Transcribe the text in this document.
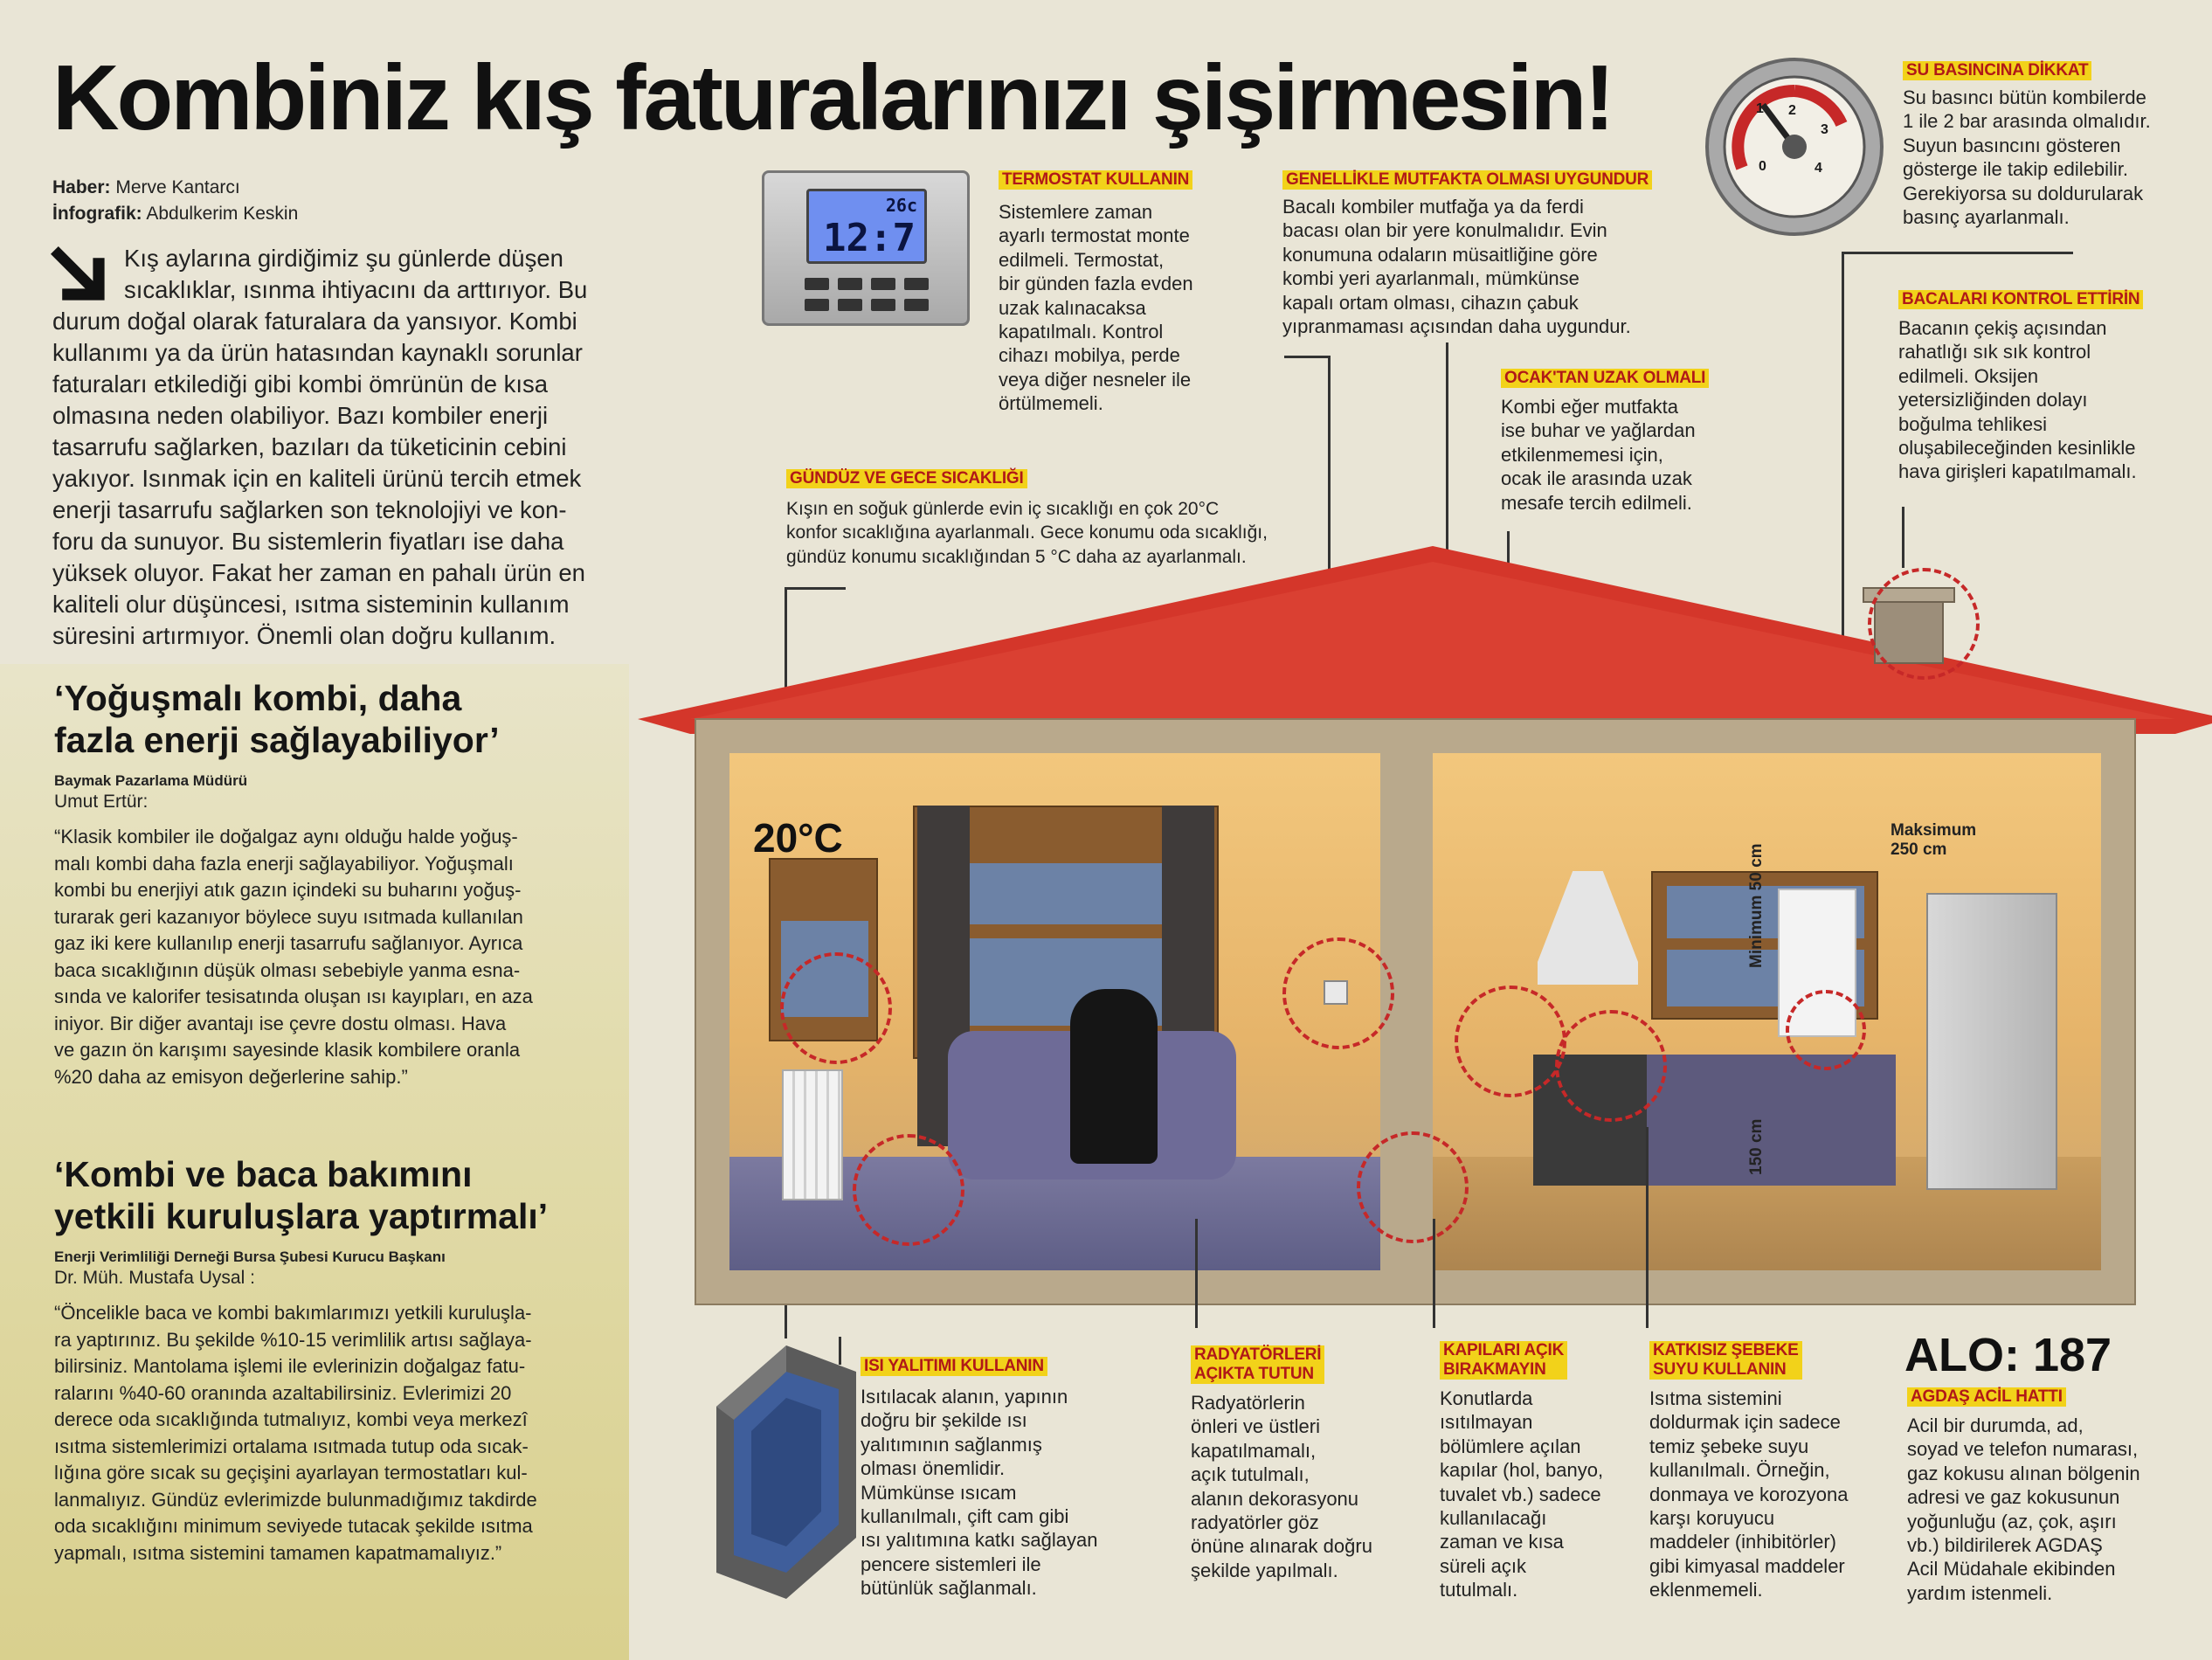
Kombiniz kış faturalarınızı şişirmesin!
Haber: Merve Kantarcı
İnfografik: Abdulkerim Keskin
Kış aylarına girdiğimiz şu günlerde düşen
sıcaklıklar, ısınma ihtiyacını da arttırıyor. Bu
durum doğal olarak faturalara da yansıyor. Kombi
kullanımı ya da ürün hatasından kaynaklı sorunlar
faturaları etkilediği gibi kombi ömrünün de kısa
olmasına neden olabiliyor. Bazı kombiler enerji
tasarrufu sağlarken, bazıları da tüketicinin cebini
yakıyor. Isınmak için en kaliteli ürünü tercih etmek
enerji tasarrufu sağlarken son teknolojiyi ve kon-
foru da sunuyor. Bu sistemlerin fiyatları ise daha
yüksek oluyor. Fakat her zaman en pahalı ürün en
kaliteli olur düşüncesi, ısıtma sisteminin kullanım
süresini artırmıyor. Önemli olan doğru kullanım.
‘Yoğuşmalı kombi, daha
fazla enerji sağlayabiliyor’
Baymak Pazarlama Müdürü
Umut Ertür:
“Klasik kombiler ile doğalgaz aynı olduğu halde yoğuş-
malı kombi daha fazla enerji sağlayabiliyor. Yoğuşmalı
kombi bu enerjiyi atık gazın içindeki su buharını yoğuş-
turarak geri kazanıyor böylece suyu ısıtmada kullanılan
gaz iki kere kullanılıp enerji tasarrufu sağlanıyor. Ayrıca
baca sıcaklığının düşük olması sebebiyle yanma esna-
sında ve kalorifer tesisatında oluşan ısı kayıpları, en aza
iniyor. Bir diğer avantajı ise çevre dostu olması. Hava
ve gazın ön karışımı sayesinde klasik kombilere oranla
%20 daha az emisyon değerlerine sahip.”
‘Kombi ve baca bakımını
yetkili kuruluşlara yaptırmalı’
Enerji Verimliliği Derneği Bursa Şubesi Kurucu Başkanı
Dr. Müh. Mustafa Uysal :
“Öncelikle baca ve kombi bakımlarımızı yetkili kuruluşla-
ra yaptırınız. Bu şekilde %10-15 verimlilik artısı sağlaya-
bilirsiniz. Mantolama işlemi ile evlerinizin doğalgaz fatu-
ralarını %40-60 oranında azaltabilirsiniz. Evlerimizi 20
derece oda sıcaklığında tutmalıyız, kombi veya merkezî
ısıtma sistemlerimizi ortalama ısıtmada tutup oda sıcak-
lığına göre sıcak su geçişini ayarlayan termostatları kul-
lanmalıyız. Gündüz evlerimizde bulunmadığımız takdirde
oda sıcaklığını minimum seviyede tutacak şekilde ısıtma
yapmalı, ısıtma sistemini tamamen kapatmamalıyız.”
26c
12:7
0
1 2
3
4
TERMOSTAT KULLANIN
Sistemlere zaman
ayarlı termostat monte
edilmeli. Termostat,
bir günden fazla evden
uzak kalınacaksa
kapatılmalı. Kontrol
cihazı mobilya, perde
veya diğer nesneler ile
örtülmemeli.
GENELLİKLE MUTFAKTA OLMASI UYGUNDUR
Bacalı kombiler mutfağa ya da ferdi
bacası olan bir yere konulmalıdır. Evin
konumuna odaların müsaitliğine göre
kombi yeri ayarlanmalı, mümkünse
kapalı ortam olması, cihazın çabuk
yıpranmaması açısından daha uygundur.
SU BASINCINA DİKKAT
Su basıncı bütün kombilerde
1 ile 2 bar arasında olmalıdır.
Suyun basıncını gösteren
gösterge ile takip edilebilir.
Gerekiyorsa su doldurularak
basınç ayarlanmalı.
BACALARI KONTROL ETTİRİN
Bacanın çekiş açısından
rahatlığı sık sık kontrol
edilmeli. Oksijen
yetersizliğinden dolayı
boğulma tehlikesi
oluşabileceğinden kesinlikle
hava girişleri kapatılmamalı.
OCAK'TAN UZAK OLMALI
Kombi eğer mutfakta
ise buhar ve yağlardan
etkilenmemesi için,
ocak ile arasında uzak
mesafe tercih edilmeli.
GÜNDÜZ VE GECE SICAKLIĞI
Kışın en soğuk günlerde evin iç sıcaklığı en çok 20°C
konfor sıcaklığına ayarlanmalı. Gece konumu oda sıcaklığı,
gündüz konumu sıcaklığından 5 °C daha az ayarlanmalı.
20°C
Minimum 50 cm
150 cm
Maksimum 250 cm
ISI YALITIMI KULLANIN
Isıtılacak alanın, yapının
doğru bir şekilde ısı
yalıtımının sağlanmış
olması önemlidir.
Mümkünse ısıcam
kullanılmalı, çift cam gibi
ısı yalıtımına katkı sağlayan
pencere sistemleri ile
bütünlük sağlanmalı.
RADYATÖRLERİ
AÇIKTA TUTUN
Radyatörlerin
önleri ve üstleri
kapatılmamalı,
açık tutulmalı,
alanın dekorasyonu
radyatörler göz
önüne alınarak doğru
şekilde yapılmalı.
KAPILARI AÇIK
BIRAKMAYIN
Konutlarda
ısıtılmayan
bölümlere açılan
kapılar (hol, banyo,
tuvalet vb.) sadece
kullanılacağı
zaman ve kısa
süreli açık
tutulmalı.
KATKISIZ ŞEBEKE
SUYU KULLANIN
Isıtma sistemini
doldurmak için sadece
temiz şebeke suyu
kullanılmalı. Örneğin,
donmaya ve korozyona
karşı koruyucu
maddeler (inhibitörler)
gibi kimyasal maddeler
eklenmemeli.
ALO: 187
AGDAŞ ACİL HATTI
Acil bir durumda, ad,
soyad ve telefon numarası,
gaz kokusu alınan bölgenin
adresi ve gaz kokusunun
yoğunluğu (az, çok, aşırı
vb.) bildirilerek AGDAŞ
Acil Müdahale ekibinden
yardım istenmeli.
